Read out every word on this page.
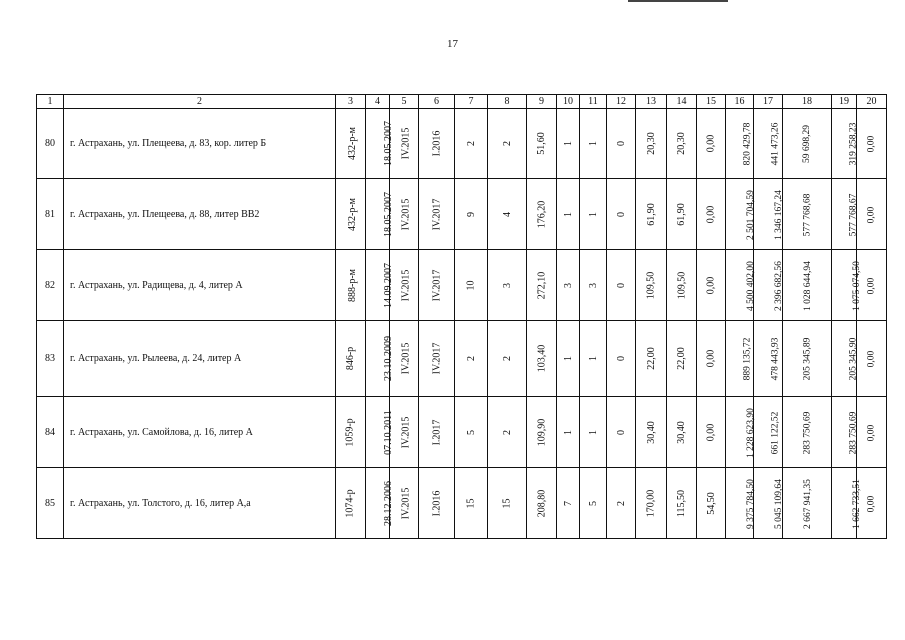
17
1	2	3	4	5	6	7	8	9	10	11	12	13	14	15	16	17	18	19	20
80	г. Астрахань, ул. Плещеева, д. 83, кор. литер Б	432-р-м	18.05.2007	IV.2015	I.2016	2	2	51,60	1	1	0	20,30	20,30	0,00	820 429,78	441 473,26	59 698,29	319 258,23	0,00
81	г. Астрахань, ул. Плещеева, д. 88, литер ВВ2	432-р-м	18.05.2007	IV.2015	IV.2017	9	4	176,20	1	1	0	61,90	61,90	0,00	2 501 704,59	1 346 167,24	577 768,68	577 768,67	0,00
82	г. Астрахань, ул. Радищева, д. 4, литер А	888-р-м	14.09.2007	IV.2015	IV.2017	10	3	272,10	3	3	0	109,50	109,50	0,00	4 500 402,00	2 396 682,56	1 028 644,94	1 075 074,50	0,00
83	г. Астрахань, ул. Рылеева, д. 24, литер А	846-р	23.10.2009	IV.2015	IV.2017	2	2	103,40	1	1	0	22,00	22,00	0,00	889 135,72	478 443,93	205 345,89	205 345,90	0,00
84	г. Астрахань, ул. Самойлова, д. 16, литер А	1059-р	07.10.2011	IV.2015	I.2017	5	2	109,90	1	1	0	30,40	30,40	0,00	1 228 623,90	661 122,52	283 750,69	283 750,69	0,00
85	г. Астрахань, ул. Толстого, д. 16, литер А,а	1074-р	28.12.2006	IV.2015	I.2016	15	15	208,80	7	5	2	170,00	115,50	54,50	9 375 784,50	5 045 109,64	2 667 941,35	1 662 733,51	0,00
